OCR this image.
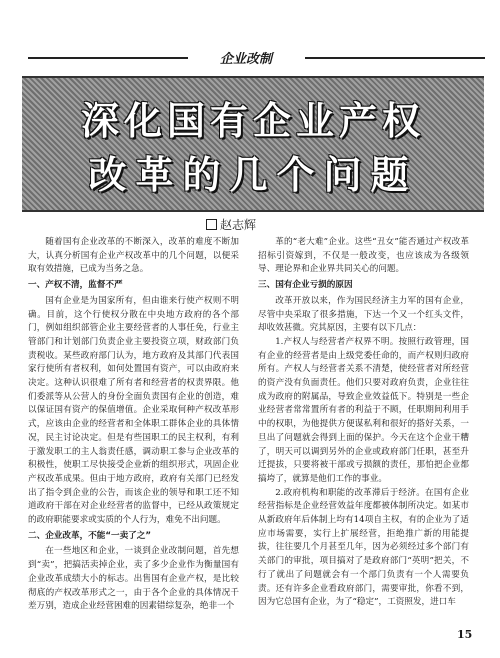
企业改制
深化国有企业产权
改革的几个问题
赵志辉

随着国有企业改革的不断深入，改革的难度不断加大，认真分析国有企业产权改革中的几个问题，以便采取有效措施，已成为当务之急。

一、产权不清，监督不严

国有企业是为国家所有，但由谁来行使产权则不明确。目前，这个行使权分散在中央地方政府的各个部门，例如组织部管企业主要经营者的人事任免，行业主管部门和计划部门负责企业主要投资立项，财政部门负责税收。某些政府部门认为，地方政府及其部门代表国家行使所有者权利，如何处置国有资产，可以由政府来决定。这种认识很难了所有者和经营者的权责界限。他们委派等从公营人的身份全面负责国有企业的创造，难以保证国有资产的保值增值。企业采取何种产权改革形式，应该由企业的经营者和全体职工群体企业的具体情况，民主讨论决定。但是有些国职工的民主权利，有利于激发职工的主人翁责任感，调动职工参与企业改革的积极性，使职工尽快接受企业新的组织形式，巩固企业产权改革成果。但由于地方政府，政府有关部门已经发出了指令到企业的公告，而该企业的领导和职工还不知道政府干部在对企业经营者的监督中，已经从政策规定的政府职能要求或实质的个人行为，难免不出问题。

二、企业改革，不能“一卖了之”

在一些地区和企业，一谈到企业改制问题，首先想到“卖”，把搞活卖掉企业，卖了多少企业作为衡量国有企业改革成绩大小的标志。出售国有企业产权，是比较彻底的产权改革形式之一，由于各个企业的具体情况千差万别，造成企业经营困难的因素错综复杂，绝非一个

革的“老大难”企业。这些“丑女”能否通过产权改革招标引资嫁到，不仅是一般改变，也应该成为各级领导、理论界和企业界共同关心的问题。

三、国有企业亏损的原因

改革开放以来，作为国民经济主力军的国有企业，尽管中央采取了很多措施，下达一个又一个红头文件，却收效甚微。究其原因，主要有以下几点：

1.产权人与经营者产权界不明。按照行政管理，国有企业的经营者是由上级党委任命的，而产权则归政府所有。产权人与经营者关系不清楚，使经营者对所经营的资产没有负面责任。他们只要对政府负责，企业往往成为政府的附属品，导致企业效益低下。特别是一些企业经营者常常置所有者的利益于不顾，任职期间利用手中的权职，为他提供方便谋私利和很好的搭好关系，一旦出了问题就会得到上面的保护。今天在这个企业干糟了，明天可以调到另外的企业或政府部门任职，甚至升迁提拔，只要将被干部或亏损额的责任，那怕把企业都搞垮了，就算是他们工作的事业。

2.政府机构和职能的改革滞后于经济。在国有企业经营指标是企业经营效益年度都被体制所决定。如某市从新政府年后体制上均有14项自主权，有的企业为了适应市场需要，实行上扩展经营，拒绝推广新的用能提拔，往往要几个月甚至几年，因为必须经过多个部门有关部门的审批，项目搞对了是政府部门“英明”把关，不行了就出了问题就会有一个部门负责有一个人需要负责。还有许多企业看政府部门，需要审批，你看不到，因为它总国有企业，为了“稳定”，工资照发，进口车

15
